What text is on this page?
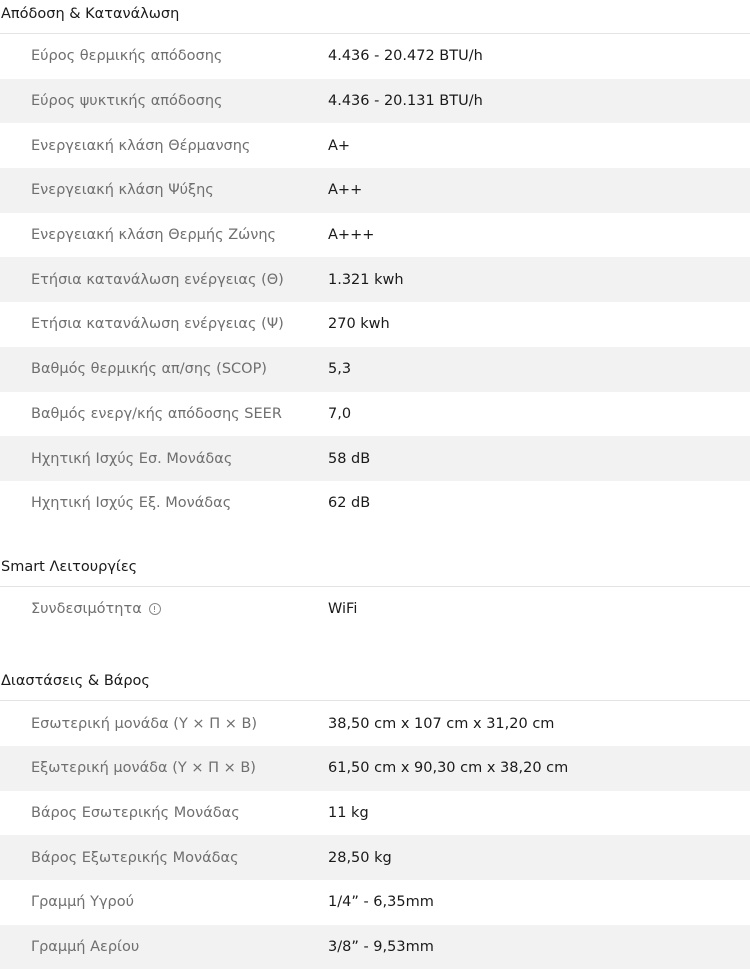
Απόδοση & Κατανάλωση
Εύρος θερμικής απόδοσης	4.436 - 20.472 BTU/h
Εύρος ψυκτικής απόδοσης	4.436 - 20.131 BTU/h
Ενεργειακή κλάση Θέρμανσης	A+
Ενεργειακή κλάση Ψύξης	A++
Ενεργειακή κλάση Θερμής Ζώνης	A+++
Ετήσια κατανάλωση ενέργειας (Θ)	1.321 kwh
Ετήσια κατανάλωση ενέργειας (Ψ)	270 kwh
Βαθμός θερμικής απ/σης (SCOP)	5,3
Βαθμός ενεργ/κής απόδοσης SEER	7,0
Ηχητική Ισχύς Εσ. Μονάδας	58 dB
Ηχητική Ισχύς Εξ. Μονάδας	62 dB
Smart Λειτουργίες
Συνδεσιμότητα	WiFi
Διαστάσεις & Βάρος
Εσωτερική μονάδα (Υ × Π × Β)	38,50 cm x 107 cm x 31,20 cm
Εξωτερική μονάδα (Υ × Π × Β)	61,50 cm x 90,30 cm x 38,20 cm
Βάρος Εσωτερικής Μονάδας	11 kg
Βάρος Εξωτερικής Μονάδας	28,50 kg
Γραμμή Υγρού	1/4” - 6,35mm
Γραμμή Αερίου	3/8” - 9,53mm
